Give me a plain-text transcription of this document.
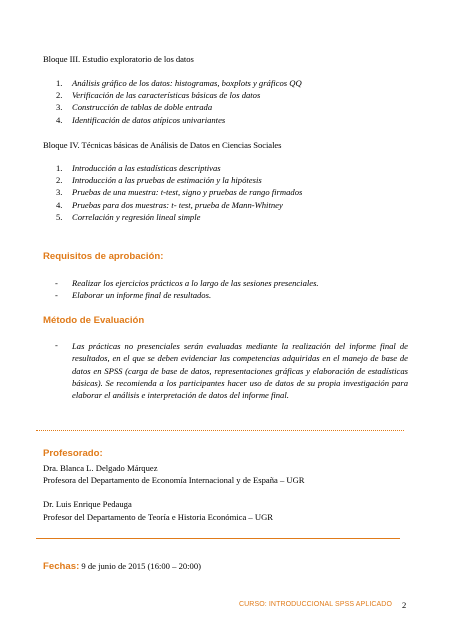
Bloque III. Estudio exploratorio de los datos
1. Análisis gráfico de los datos: histogramas, boxplots y gráficos QQ
2. Verificación de las características básicas de los datos
3. Construcción de tablas de doble entrada
4. Identificación de datos atípicos univariantes
Bloque IV. Técnicas básicas de Análisis de Datos en Ciencias Sociales
1. Introducción a las estadísticas descriptivas
2. Introducción a las pruebas de estimación y la hipótesis
3. Pruebas de una muestra: t-test, signo y pruebas de rango firmados
4. Pruebas para dos muestras: t- test, prueba de Mann-Whitney
5. Correlación y regresión lineal simple
Requisitos de aprobación:
- Realizar los ejercicios prácticos a lo largo de las sesiones presenciales.
- Elaborar un informe final de resultados.
Método de Evaluación
- Las prácticas no presenciales serán evaluadas mediante la realización del informe final de resultados, en el que se deben evidenciar las competencias adquiridas en el manejo de base de datos en SPSS (carga de base de datos, representaciones gráficas y elaboración de estadísticas básicas). Se recomienda a los participantes hacer uso de datos de su propia investigación para elaborar el análisis e interpretación de datos del informe final.

Profesorado:
Dra. Blanca L. Delgado Márquez
Profesora del Departamento de Economía Internacional y de España – UGR
Dr. Luis Enrique Pedauga
Profesor del Departamento de Teoría e Historia Económica – UGR
Fechas: 9 de junio de 2015 (16:00 – 20:00)
CURSO: INTRODUCCIONAL SPSS APLICADO 2
